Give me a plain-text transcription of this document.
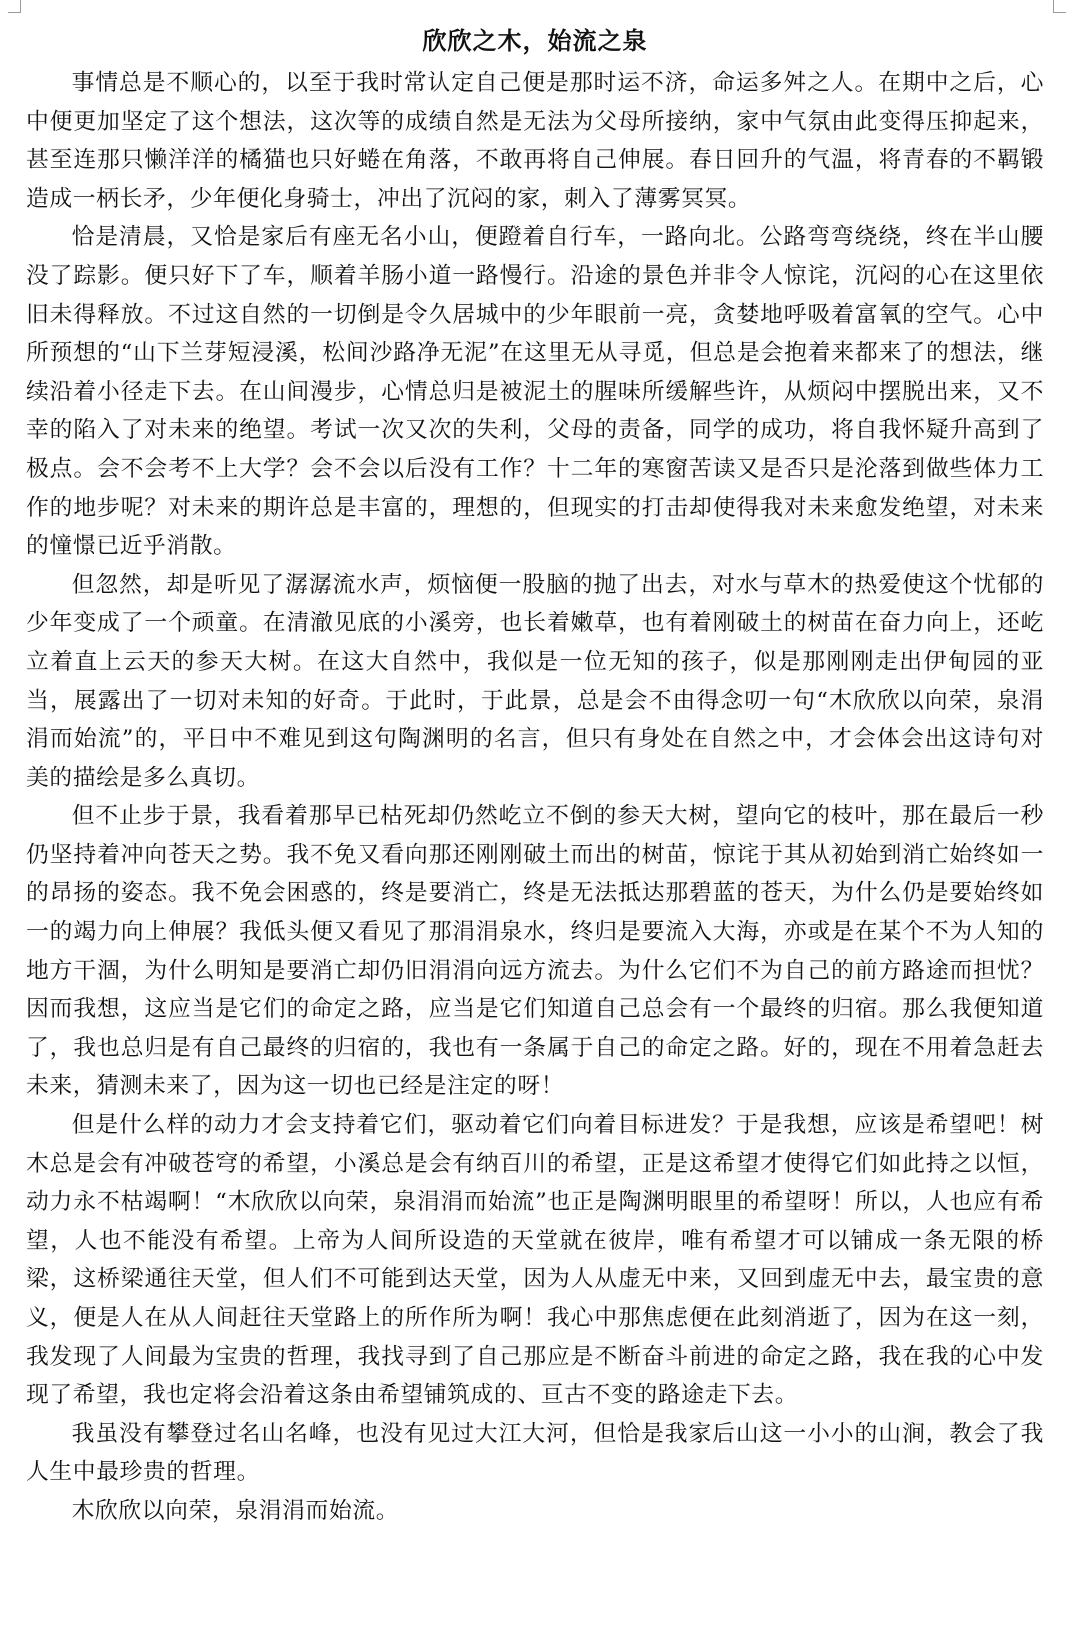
欣欣之木，始流之泉

事情总是不顺心的，以至于我时常认定自己便是那时运不济，命运多舛之人。在期中之后，心中便更加坚定了这个想法，这次等的成绩自然是无法为父母所接纳，家中气氛由此变得压抑起来，甚至连那只懒洋洋的橘猫也只好蜷在角落，不敢再将自己伸展。春日回升的气温，将青春的不羁锻造成一柄长矛，少年便化身骑士，冲出了沉闷的家，刺入了薄雾冥冥。

恰是清晨，又恰是家后有座无名小山，便蹬着自行车，一路向北。公路弯弯绕绕，终在半山腰没了踪影。便只好下了车，顺着羊肠小道一路慢行。沿途的景色并非令人惊诧，沉闷的心在这里依旧未得释放。不过这自然的一切倒是令久居城中的少年眼前一亮，贪婪地呼吸着富氧的空气。心中所预想的“山下兰芽短浸溪，松间沙路净无泥”在这里无从寻觅，但总是会抱着来都来了的想法，继续沿着小径走下去。在山间漫步，心情总归是被泥土的腥味所缓解些许，从烦闷中摆脱出来，又不幸的陷入了对未来的绝望。考试一次又次的失利，父母的责备，同学的成功，将自我怀疑升高到了极点。会不会考不上大学？会不会以后没有工作？十二年的寒窗苦读又是否只是沦落到做些体力工作的地步呢？对未来的期许总是丰富的，理想的，但现实的打击却使得我对未来愈发绝望，对未来的憧憬已近乎消散。

但忽然，却是听见了潺潺流水声，烦恼便一股脑的抛了出去，对水与草木的热爱使这个忧郁的少年变成了一个顽童。在清澈见底的小溪旁，也长着嫩草，也有着刚破土的树苗在奋力向上，还屹立着直上云天的参天大树。在这大自然中，我似是一位无知的孩子，似是那刚刚走出伊甸园的亚当，展露出了一切对未知的好奇。于此时，于此景，总是会不由得念叨一句“木欣欣以向荣，泉涓涓而始流”的，平日中不难见到这句陶渊明的名言，但只有身处在自然之中，才会体会出这诗句对美的描绘是多么真切。

但不止步于景，我看着那早已枯死却仍然屹立不倒的参天大树，望向它的枝叶，那在最后一秒仍坚持着冲向苍天之势。我不免又看向那还刚刚破土而出的树苗，惊诧于其从初始到消亡始终如一的昂扬的姿态。我不免会困惑的，终是要消亡，终是无法抵达那碧蓝的苍天，为什么仍是要始终如一的竭力向上伸展？我低头便又看见了那涓涓泉水，终归是要流入大海，亦或是在某个不为人知的地方干涸，为什么明知是要消亡却仍旧涓涓向远方流去。为什么它们不为自己的前方路途而担忧？因而我想，这应当是它们的命定之路，应当是它们知道自己总会有一个最终的归宿。那么我便知道了，我也总归是有自己最终的归宿的，我也有一条属于自己的命定之路。好的，现在不用着急赶去未来，猜测未来了，因为这一切也已经是注定的呀！

但是什么样的动力才会支持着它们，驱动着它们向着目标进发？于是我想，应该是希望吧！树木总是会有冲破苍穹的希望，小溪总是会有纳百川的希望，正是这希望才使得它们如此持之以恒，动力永不枯竭啊！“木欣欣以向荣，泉涓涓而始流”也正是陶渊明眼里的希望呀！所以，人也应有希望，人也不能没有希望。上帝为人间所设造的天堂就在彼岸，唯有希望才可以铺成一条无限的桥梁，这桥梁通往天堂，但人们不可能到达天堂，因为人从虚无中来，又回到虚无中去，最宝贵的意义，便是人在从人间赶往天堂路上的所作所为啊！我心中那焦虑便在此刻消逝了，因为在这一刻，我发现了人间最为宝贵的哲理，我找寻到了自己那应是不断奋斗前进的命定之路，我在我的心中发现了希望，我也定将会沿着这条由希望铺筑成的、亘古不变的路途走下去。

我虽没有攀登过名山名峰，也没有见过大江大河，但恰是我家后山这一小小的山涧，教会了我人生中最珍贵的哲理。

木欣欣以向荣，泉涓涓而始流。
